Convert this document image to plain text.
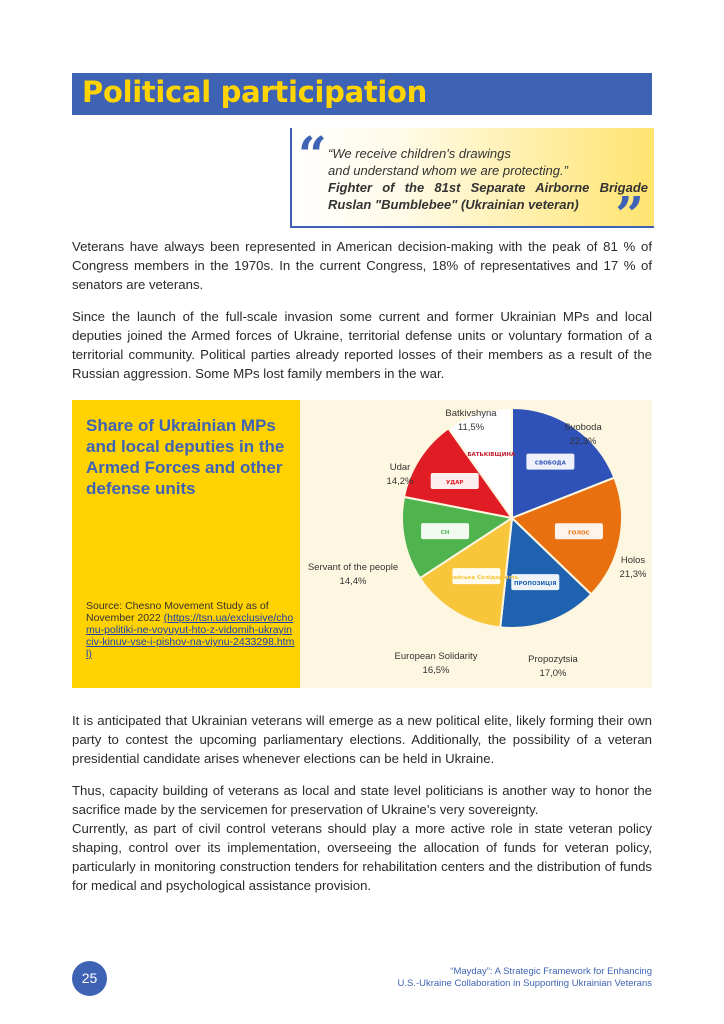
Political participation
“ “We receive children's drawings
and understand whom we are protecting.”
Fighter of the 81st Separate Airborne Brigade
Ruslan "Bumblebee" (Ukrainian veteran) ”
Veterans have always been represented in American decision-making with the peak of 81 % of Congress members in the 1970s. In the current Congress, 18% of representatives and 17 % of senators are veterans.
Since the launch of the full-scale invasion some current and former Ukrainian MPs and local deputies joined the Armed forces of Ukraine, territorial defense units or voluntary formation of a territorial community. Political parties already reported losses of their members as a result of the Russian aggression. Some MPs lost family members in the war.
Share of Ukrainian MPs and local deputies in the Armed Forces and other defense units
Source: Chesno Movement Study as of November 2022 (https://tsn.ua/exclusive/chomu-politiki-ne-voyuyut-hto-z-vidomih-ukrayinciv-kinuv-vse-i-pishov-na-viynu-2433298.html)
СВОБОДА
Svoboda
22,3%
ГОЛОС
Holos
21,3%
ПРОПОЗИЦІЯ
Propozytsia
17,0%
Європейська Солідарність
European Solidarity
16,5%
СН
Servant of the people
14,4%
УДАР
Udar
14,2%
БАТЬКІВЩИНА
Batkivshyna
11,5%
It is anticipated that Ukrainian veterans will emerge as a new political elite, likely forming their own party to contest the upcoming parliamentary elections. Additionally, the possibility of a veteran presidential candidate arises whenever elections can be held in Ukraine.
Thus, capacity building of veterans as local and state level politicians is another way to honor the sacrifice made by the servicemen for preservation of Ukraine’s very sovereignty.
Currently, as part of civil control veterans should play a more active role in state veteran policy shaping, control over its implementation, overseeing the allocation of funds for veteran policy, particularly in monitoring construction tenders for rehabilitation centers and the distribution of funds for medical and psychological assistance provision.
25	“Mayday”: A Strategic Framework for Enhancing
U.S.-Ukraine Collaboration in Supporting Ukrainian Veterans
